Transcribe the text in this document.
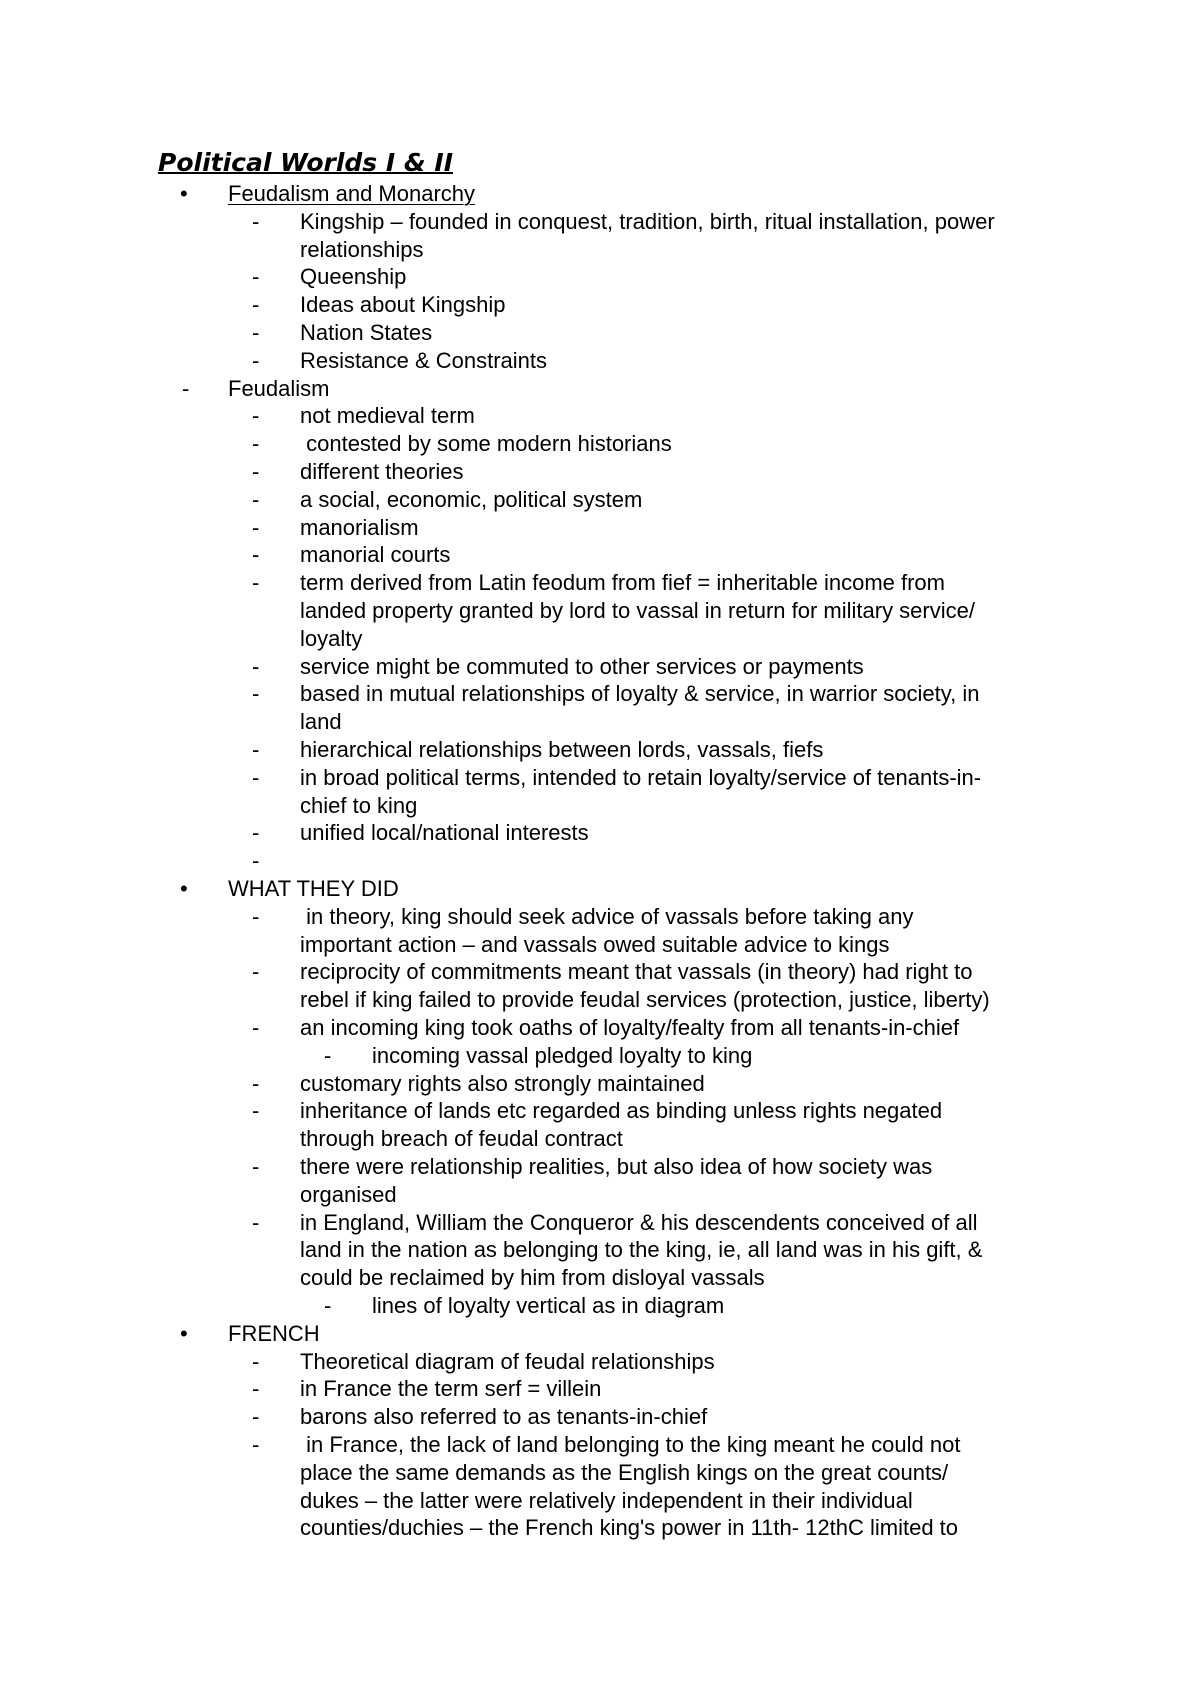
Political Worlds I & II
• Feudalism and Monarchy
- Kingship – founded in conquest, tradition, birth, ritual installation, power
relationships
- Queenship
- Ideas about Kingship
- Nation States
- Resistance & Constraints
- Feudalism
- not medieval term
- contested by some modern historians
- different theories
- a social, economic, political system
- manorialism
- manorial courts
- term derived from Latin feodum from fief = inheritable income from
landed property granted by lord to vassal in return for military service/
loyalty
- service might be commuted to other services or payments
- based in mutual relationships of loyalty & service, in warrior society, in
land
- hierarchical relationships between lords, vassals, fiefs
- in broad political terms, intended to retain loyalty/service of tenants-in-
chief to king
- unified local/national interests
-
• WHAT THEY DID
- in theory, king should seek advice of vassals before taking any
important action – and vassals owed suitable advice to kings
- reciprocity of commitments meant that vassals (in theory) had right to
rebel if king failed to provide feudal services (protection, justice, liberty)
- an incoming king took oaths of loyalty/fealty from all tenants-in-chief
- incoming vassal pledged loyalty to king
- customary rights also strongly maintained
- inheritance of lands etc regarded as binding unless rights negated
through breach of feudal contract
- there were relationship realities, but also idea of how society was
organised
- in England, William the Conqueror & his descendents conceived of all
land in the nation as belonging to the king, ie, all land was in his gift, &
could be reclaimed by him from disloyal vassals
- lines of loyalty vertical as in diagram
• FRENCH
- Theoretical diagram of feudal relationships
- in France the term serf = villein
- barons also referred to as tenants-in-chief
- in France, the lack of land belonging to the king meant he could not
place the same demands as the English kings on the great counts/
dukes – the latter were relatively independent in their individual
counties/duchies – the French king's power in 11th- 12thC limited to
